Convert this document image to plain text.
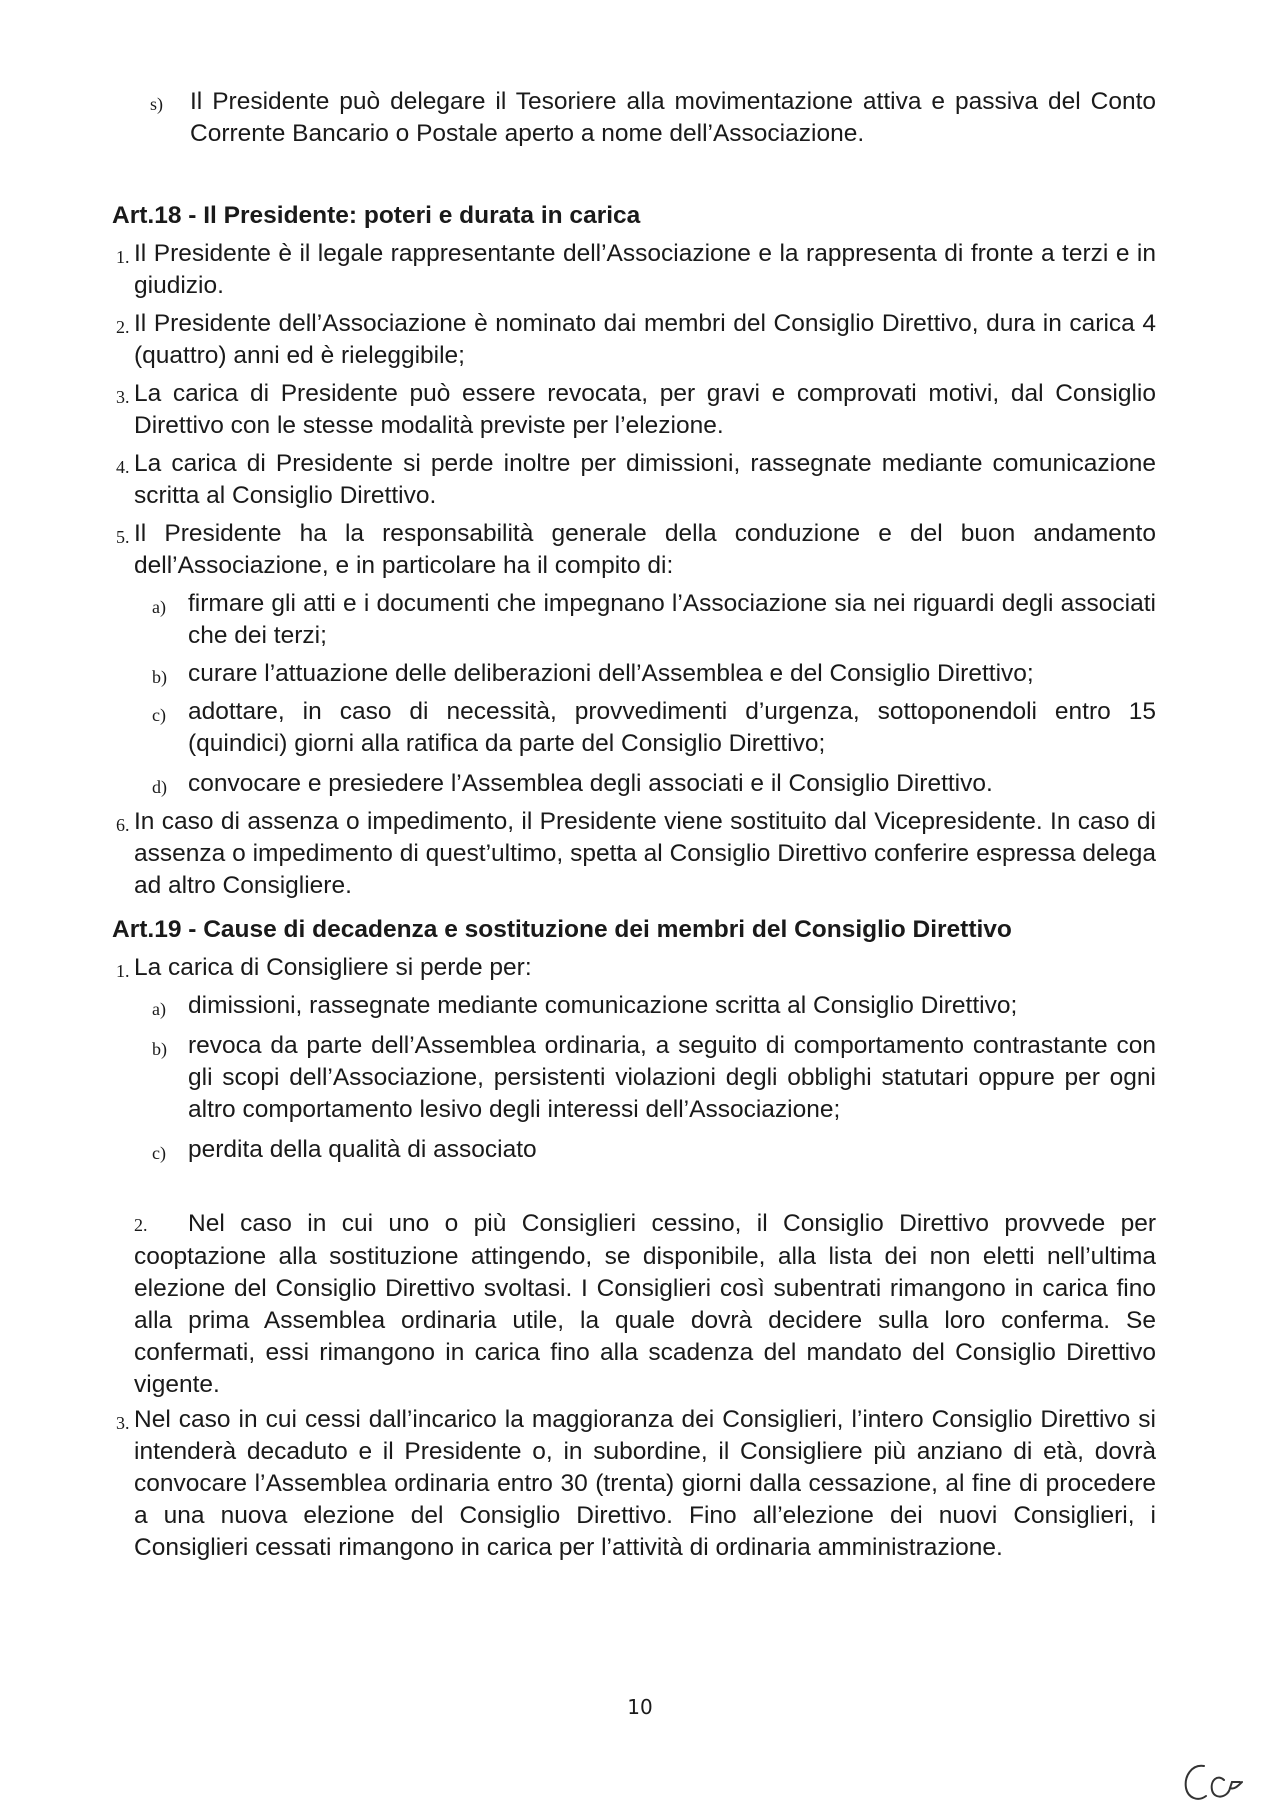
s) Il Presidente può delegare il Tesoriere alla movimentazione attiva e passiva del Conto Corrente Bancario o Postale aperto a nome dell’Associazione.
Art.18 - Il Presidente: poteri e durata in carica
1. Il Presidente è il legale rappresentante dell’Associazione e la rappresenta di fronte a terzi e in giudizio.
2. Il Presidente dell’Associazione è nominato dai membri del Consiglio Direttivo, dura in carica 4 (quattro) anni ed è rieleggibile;
3. La carica di Presidente può essere revocata, per gravi e comprovati motivi, dal Consiglio Direttivo con le stesse modalità previste per l’elezione.
4. La carica di Presidente si perde inoltre per dimissioni, rassegnate mediante comunicazione scritta al Consiglio Direttivo.
5. Il Presidente ha la responsabilità generale della conduzione e del buon andamento dell’Associazione, e in particolare ha il compito di:
a) firmare gli atti e i documenti che impegnano l’Associazione sia nei riguardi degli associati che dei terzi;
b) curare l’attuazione delle deliberazioni dell’Assemblea e del Consiglio Direttivo;
c) adottare, in caso di necessità, provvedimenti d’urgenza, sottoponendoli entro 15 (quindici) giorni alla ratifica da parte del Consiglio Direttivo;
d) convocare e presiedere l’Assemblea degli associati e il Consiglio Direttivo.
6. In caso di assenza o impedimento, il Presidente viene sostituito dal Vicepresidente. In caso di assenza o impedimento di quest’ultimo, spetta al Consiglio Direttivo conferire espressa delega ad altro Consigliere.
Art.19 - Cause di decadenza e sostituzione dei membri del Consiglio Direttivo
1. La carica di Consigliere si perde per:
a) dimissioni, rassegnate mediante comunicazione scritta al Consiglio Direttivo;
b) revoca da parte dell’Assemblea ordinaria, a seguito di comportamento contrastante con gli scopi dell’Associazione, persistenti violazioni degli obblighi statutari oppure per ogni altro comportamento lesivo degli interessi dell’Associazione;
c) perdita della qualità di associato
2. Nel caso in cui uno o più Consiglieri cessino, il Consiglio Direttivo provvede per cooptazione alla sostituzione attingendo, se disponibile, alla lista dei non eletti nell’ultima elezione del Consiglio Direttivo svoltasi. I Consiglieri così subentrati rimangono in carica fino alla prima Assemblea ordinaria utile, la quale dovrà decidere sulla loro conferma. Se confermati, essi rimangono in carica fino alla scadenza del mandato del Consiglio Direttivo vigente.
3. Nel caso in cui cessi dall’incarico la maggioranza dei Consiglieri, l’intero Consiglio Direttivo si intenderà decaduto e il Presidente o, in subordine, il Consigliere più anziano di età, dovrà convocare l’Assemblea ordinaria entro 30 (trenta) giorni dalla cessazione, al fine di procedere a una nuova elezione del Consiglio Direttivo. Fino all’elezione dei nuovi Consiglieri, i Consiglieri cessati rimangono in carica per l’attività di ordinaria amministrazione.
10
